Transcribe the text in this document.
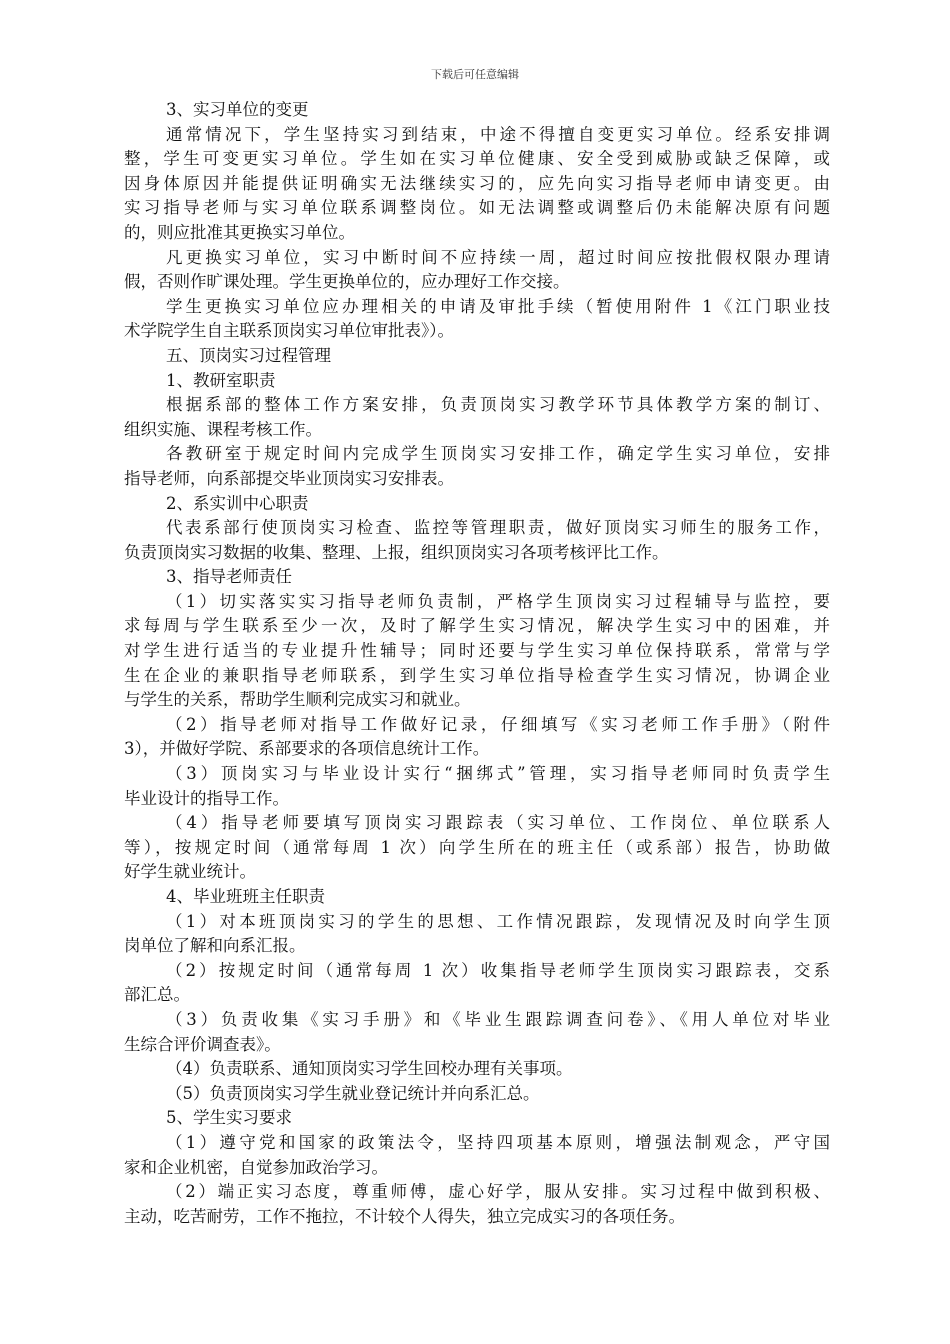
下载后可任意编辑
3、实习单位的变更
通常情况下，学生坚持实习到结束，中途不得擅自变更实习单位。经系安排调
整，学生可变更实习单位。学生如在实习单位健康、安全受到威胁或缺乏保障，或
因身体原因并能提供证明确实无法继续实习的，应先向实习指导老师申请变更。由
实习指导老师与实习单位联系调整岗位。如无法调整或调整后仍未能解决原有问题
的，则应批准其更换实习单位。
凡更换实习单位，实习中断时间不应持续一周，超过时间应按批假权限办理请
假，否则作旷课处理。学生更换单位的，应办理好工作交接。
学生更换实习单位应办理相关的申请及审批手续（暂使用附件 1《江门职业技
术学院学生自主联系顶岗实习单位审批表》）。
五、顶岗实习过程管理
1、教研室职责
根据系部的整体工作方案安排，负责顶岗实习教学环节具体教学方案的制订、
组织实施、课程考核工作。
各教研室于规定时间内完成学生顶岗实习安排工作，确定学生实习单位，安排
指导老师，向系部提交毕业顶岗实习安排表。
2、系实训中心职责
代表系部行使顶岗实习检查、监控等管理职责，做好顶岗实习师生的服务工作，
负责顶岗实习数据的收集、整理、上报，组织顶岗实习各项考核评比工作。
3、指导老师责任
（1）切实落实实习指导老师负责制，严格学生顶岗实习过程辅导与监控，要
求每周与学生联系至少一次，及时了解学生实习情况，解决学生实习中的困难，并
对学生进行适当的专业提升性辅导；同时还要与学生实习单位保持联系，常常与学
生在企业的兼职指导老师联系，到学生实习单位指导检查学生实习情况，协调企业
与学生的关系，帮助学生顺利完成实习和就业。
（2）指导老师对指导工作做好记录，仔细填写《实习老师工作手册》（附件
3），并做好学院、系部要求的各项信息统计工作。
（3）顶岗实习与毕业设计实行“捆绑式”管理，实习指导老师同时负责学生
毕业设计的指导工作。
（4）指导老师要填写顶岗实习跟踪表（实习单位、工作岗位、单位联系人
等），按规定时间（通常每周 1 次）向学生所在的班主任（或系部）报告，协助做
好学生就业统计。
4、毕业班班主任职责
（1）对本班顶岗实习的学生的思想、工作情况跟踪，发现情况及时向学生顶
岗单位了解和向系汇报。
（2）按规定时间（通常每周 1 次）收集指导老师学生顶岗实习跟踪表，交系
部汇总。
（3）负责收集《实习手册》和《毕业生跟踪调查问卷》、《用人单位对毕业
生综合评价调查表》。
（4）负责联系、通知顶岗实习学生回校办理有关事项。
（5）负责顶岗实习学生就业登记统计并向系汇总。
5、学生实习要求
（1）遵守党和国家的政策法令，坚持四项基本原则，增强法制观念，严守国
家和企业机密，自觉参加政治学习。
（2）端正实习态度，尊重师傅，虚心好学，服从安排。实习过程中做到积极、
主动，吃苦耐劳，工作不拖拉，不计较个人得失，独立完成实习的各项任务。
